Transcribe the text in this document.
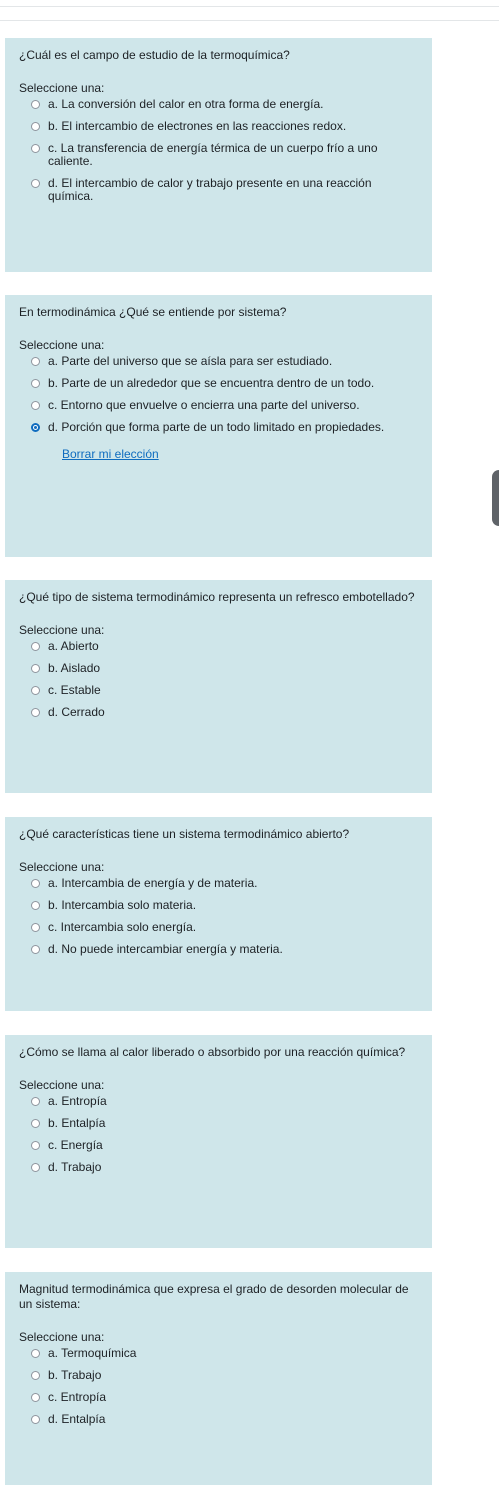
¿Cuál es el campo de estudio de la termoquímica?
Seleccione una:
a. La conversión del calor en otra forma de energía.
b. El intercambio de electrones en las reacciones redox.
c. La transferencia de energía térmica de un cuerpo frío a uno caliente.
d. El intercambio de calor y trabajo presente en una reacción química.
En termodinámica ¿Qué se entiende por sistema?
Seleccione una:
a. Parte del universo que se aísla para ser estudiado.
b. Parte de un alrededor que se encuentra dentro de un todo.
c. Entorno que envuelve o encierra una parte del universo.
d. Porción que forma parte de un todo limitado en propiedades.
Borrar mi elección
¿Qué tipo de sistema termodinámico representa un refresco embotellado?
Seleccione una:
a. Abierto
b. Aislado
c. Estable
d. Cerrado
¿Qué características tiene un sistema termodinámico abierto?
Seleccione una:
a. Intercambia de energía y de materia.
b. Intercambia solo materia.
c. Intercambia solo energía.
d. No puede intercambiar energía y materia.
¿Cómo se llama al calor liberado o absorbido por una reacción química?
Seleccione una:
a. Entropía
b. Entalpía
c. Energía
d. Trabajo
Magnitud termodinámica que expresa el grado de desorden molecular de un sistema:
Seleccione una:
a. Termoquímica
b. Trabajo
c. Entropía
d. Entalpía
